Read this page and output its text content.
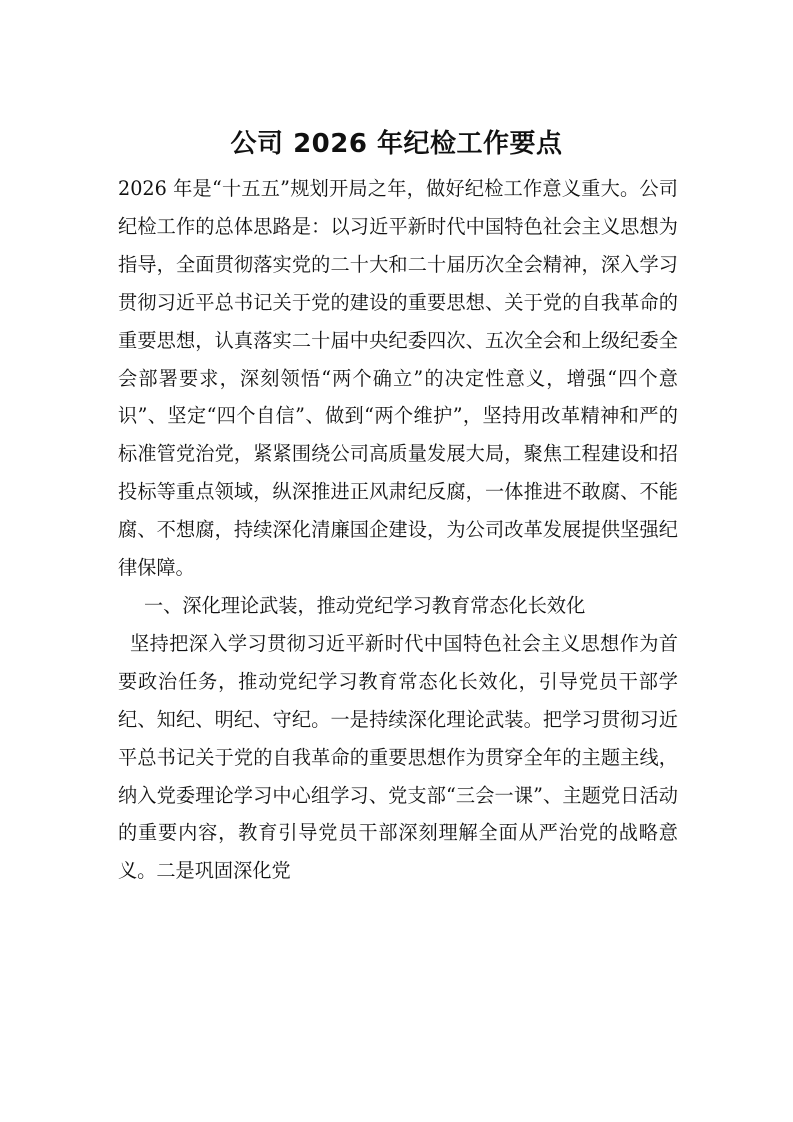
公司 2026 年纪检工作要点

2026 年是“十五五”规划开局之年，做好纪检工作意义重大。公司纪检工作的总体思路是：以习近平新时代中国特色社会主义思想为指导，全面贯彻落实党的二十大和二十届历次全会精神，深入学习贯彻习近平总书记关于党的建设的重要思想、关于党的自我革命的重要思想，认真落实二十届中央纪委四次、五次全会和上级纪委全会部署要求，深刻领悟“两个确立”的决定性意义，增强“四个意识”、坚定“四个自信”、做到“两个维护”，坚持用改革精神和严的标准管党治党，紧紧围绕公司高质量发展大局，聚焦工程建设和招投标等重点领域，纵深推进正风肃纪反腐，一体推进不敢腐、不能腐、不想腐，持续深化清廉国企建设，为公司改革发展提供坚强纪律保障。

一、深化理论武装，推动党纪学习教育常态化长效化

坚持把深入学习贯彻习近平新时代中国特色社会主义思想作为首要政治任务，推动党纪学习教育常态化长效化，引导党员干部学纪、知纪、明纪、守纪。一是持续深化理论武装。把学习贯彻习近平总书记关于党的自我革命的重要思想作为贯穿全年的主题主线，纳入党委理论学习中心组学习、党支部“三会一课”、主题党日活动的重要内容，教育引导党员干部深刻理解全面从严治党的战略意义。二是巩固深化党
